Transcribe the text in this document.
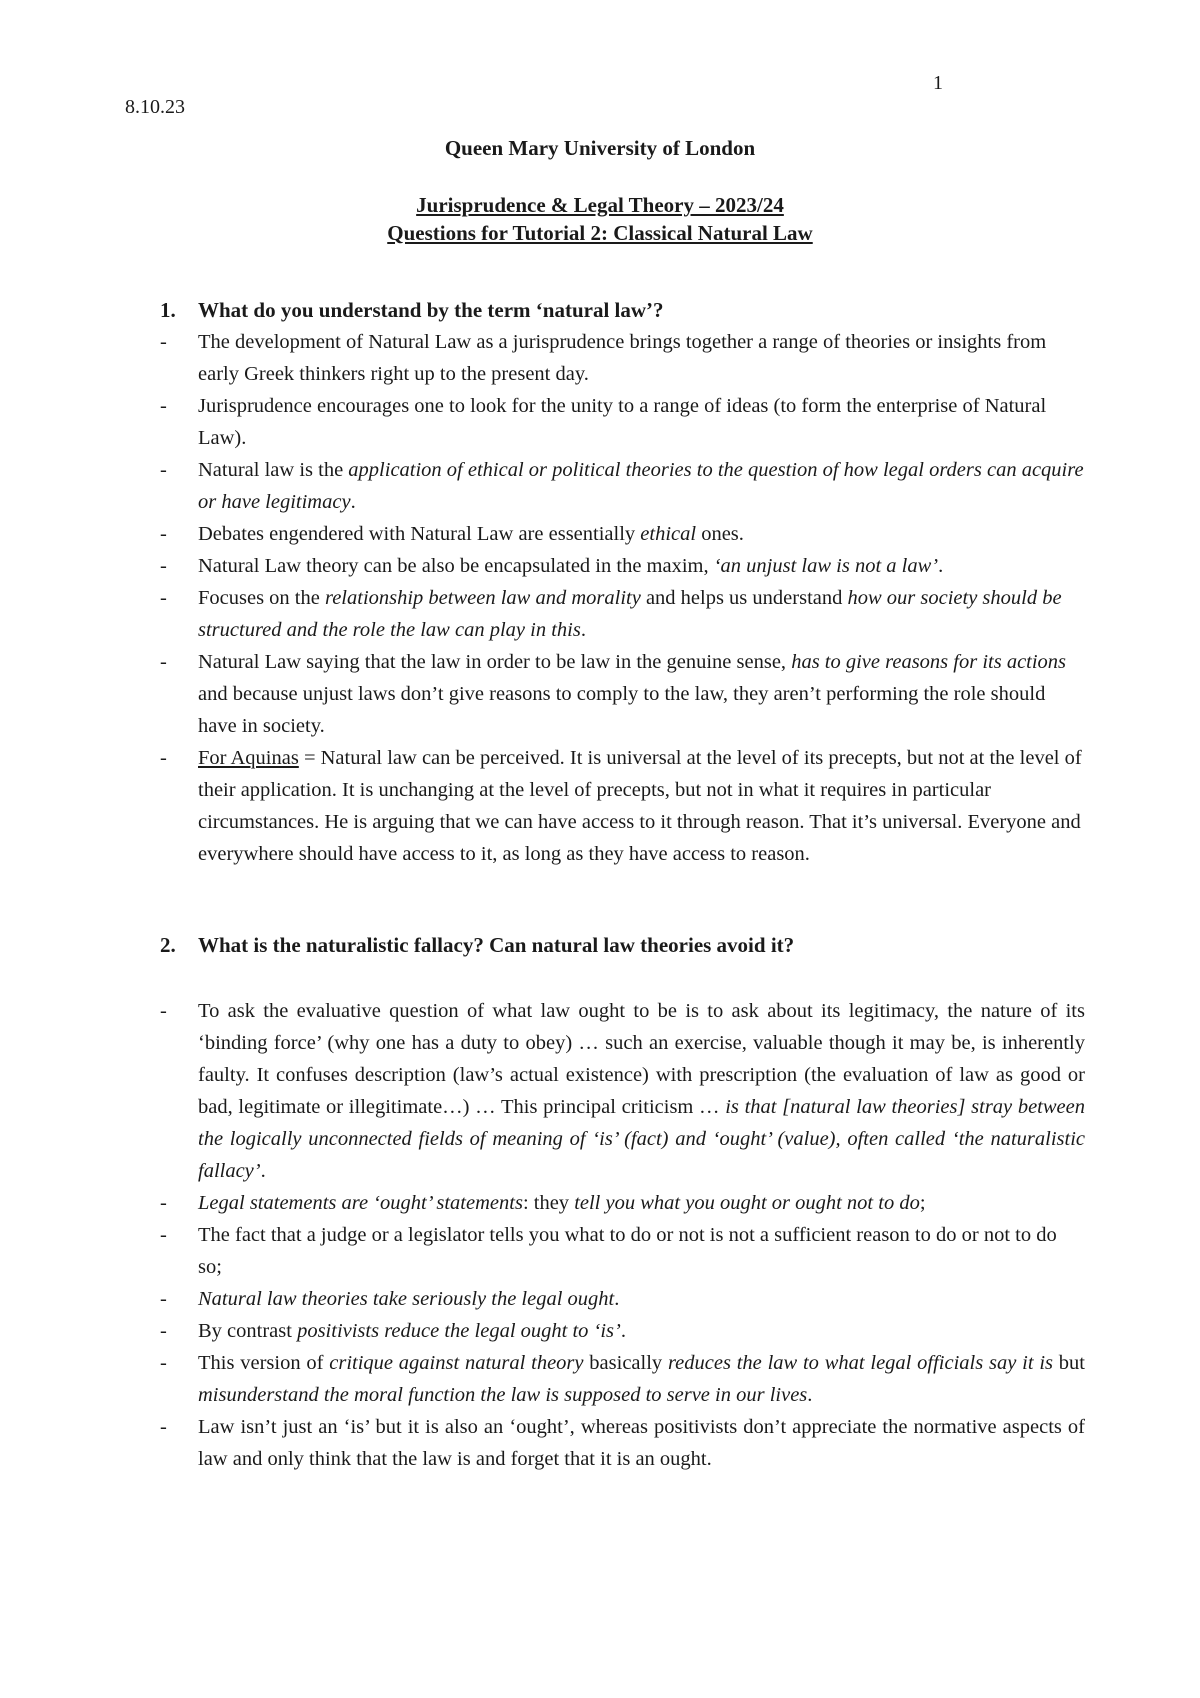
1
8.10.23
Queen Mary University of London
Jurisprudence & Legal Theory – 2023/24
Questions for Tutorial 2: Classical Natural Law
1. What do you understand by the term ‘natural law’?
- The development of Natural Law as a jurisprudence brings together a range of theories or insights from early Greek thinkers right up to the present day.
- Jurisprudence encourages one to look for the unity to a range of ideas (to form the enterprise of Natural Law).
- Natural law is the application of ethical or political theories to the question of how legal orders can acquire or have legitimacy.
- Debates engendered with Natural Law are essentially ethical ones.
- Natural Law theory can be also be encapsulated in the maxim, ‘an unjust law is not a law’.
- Focuses on the relationship between law and morality and helps us understand how our society should be structured and the role the law can play in this.
- Natural Law saying that the law in order to be law in the genuine sense, has to give reasons for its actions and because unjust laws don’t give reasons to comply to the law, they aren’t performing the role should have in society.
- For Aquinas = Natural law can be perceived. It is universal at the level of its precepts, but not at the level of their application. It is unchanging at the level of precepts, but not in what it requires in particular circumstances. He is arguing that we can have access to it through reason. That it’s universal. Everyone and everywhere should have access to it, as long as they have access to reason.
2. What is the naturalistic fallacy? Can natural law theories avoid it?
- To ask the evaluative question of what law ought to be is to ask about its legitimacy, the nature of its ‘binding force’ (why one has a duty to obey) … such an exercise, valuable though it may be, is inherently faulty. It confuses description (law’s actual existence) with prescription (the evaluation of law as good or bad, legitimate or illegitimate…) … This principal criticism … is that [natural law theories] stray between the logically unconnected fields of meaning of ‘is’ (fact) and ‘ought’ (value), often called ‘the naturalistic fallacy’.
- Legal statements are ‘ought’ statements: they tell you what you ought or ought not to do;
- The fact that a judge or a legislator tells you what to do or not is not a sufficient reason to do or not to do so;
- Natural law theories take seriously the legal ought.
- By contrast positivists reduce the legal ought to ‘is’.
- This version of critique against natural theory basically reduces the law to what legal officials say it is but misunderstand the moral function the law is supposed to serve in our lives.
- Law isn’t just an ‘is’ but it is also an ‘ought’, whereas positivists don’t appreciate the normative aspects of law and only think that the law is and forget that it is an ought.
